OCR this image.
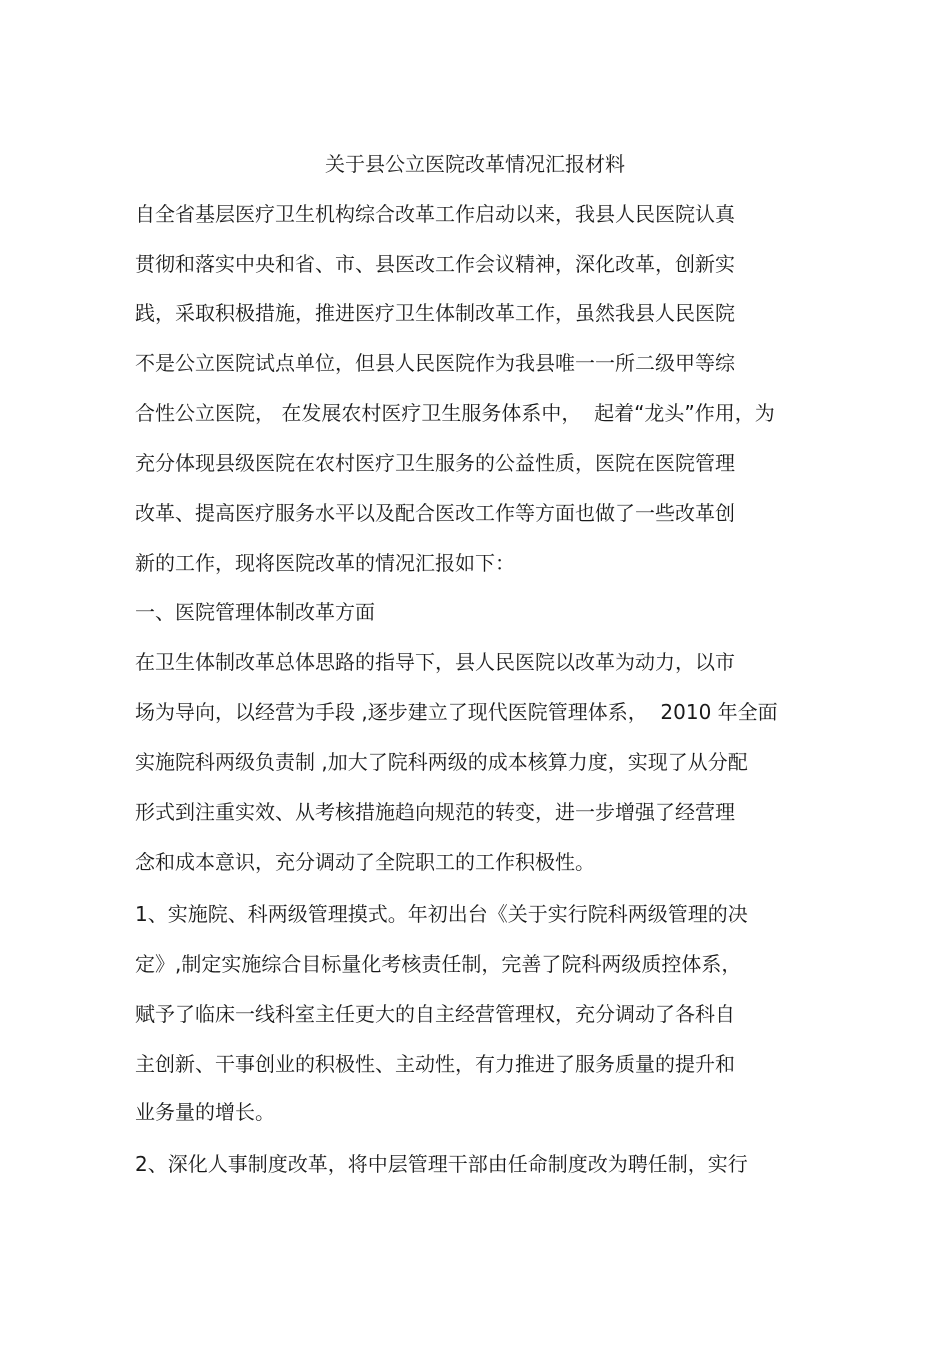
关于县公立医院改革情况汇报材料
自全省基层医疗卫生机构综合改革工作启动以来，我县人民医院认真
贯彻和落实中央和省、市、县医改工作会议精神，深化改革，创新实
践，采取积极措施，推进医疗卫生体制改革工作，虽然我县人民医院
不是公立医院试点单位，但县人民医院作为我县唯一一所二级甲等综
合性公立医院， 在发展农村医疗卫生服务体系中，  起着“龙头”作用，为
充分体现县级医院在农村医疗卫生服务的公益性质，医院在医院管理
改革、提高医疗服务水平以及配合医改工作等方面也做了一些改革创
新的工作，现将医院改革的情况汇报如下：
一、医院管理体制改革方面
在卫生体制改革总体思路的指导下，县人民医院以改革为动力，以市
场为导向，以经营为手段 ,逐步建立了现代医院管理体系，  2010 年全面
实施院科两级负责制 ,加大了院科两级的成本核算力度，实现了从分配
形式到注重实效、从考核措施趋向规范的转变，进一步增强了经营理
念和成本意识，充分调动了全院职工的工作积极性。
1、实施院、科两级管理摸式。年初出台《关于实行院科两级管理的决
定》,制定实施综合目标量化考核责任制，完善了院科两级质控体系，
赋予了临床一线科室主任更大的自主经营管理权，充分调动了各科自
主创新、干事创业的积极性、主动性，有力推进了服务质量的提升和
业务量的增长。
2、深化人事制度改革，将中层管理干部由任命制度改为聘任制，实行
